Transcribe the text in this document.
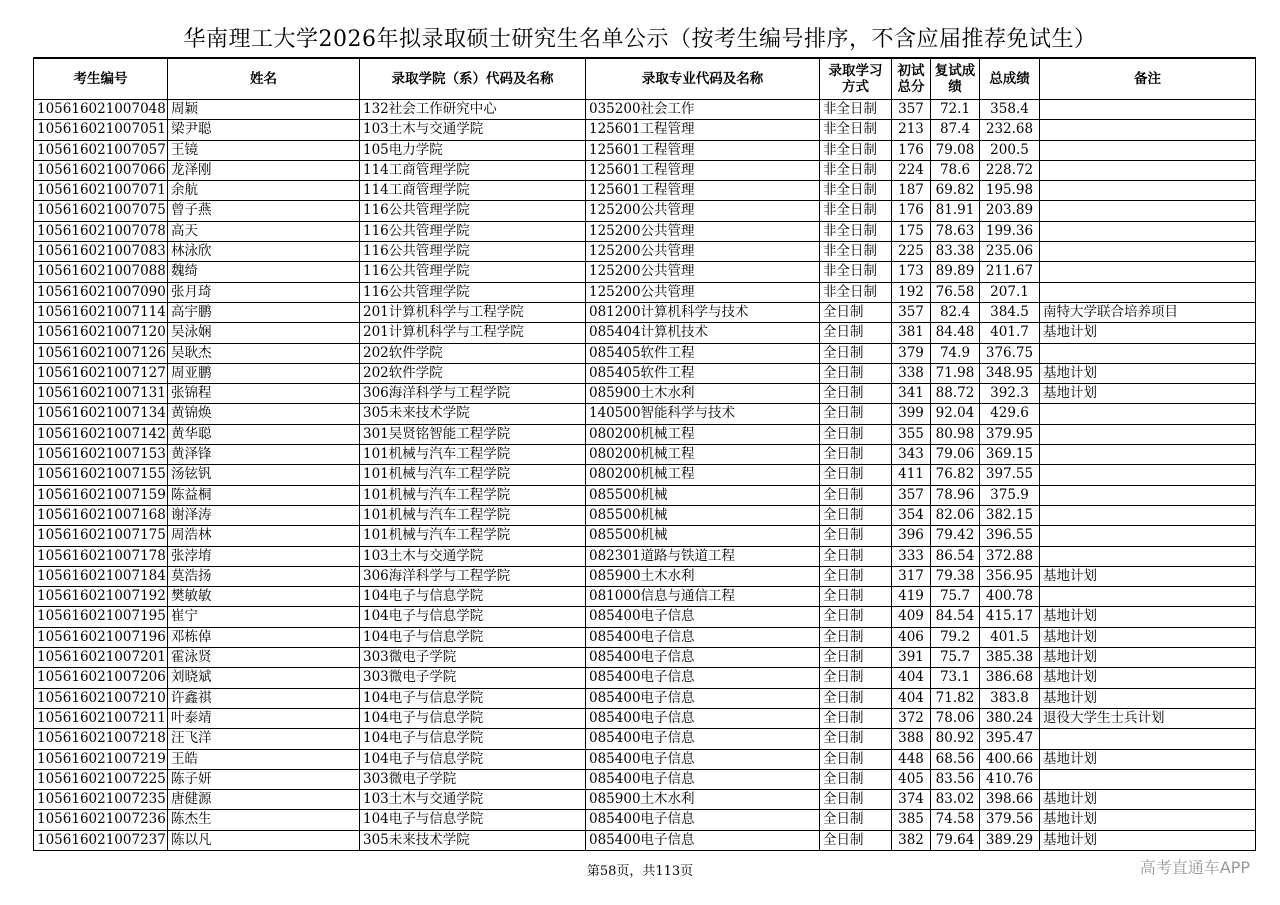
华南理工大学2026年拟录取硕士研究生名单公示（按考生编号排序，不含应届推荐免试生）
考生编号	姓名	录取学院（系）代码及名称	录取专业代码及名称	录取学习方式	初试总分	复试成绩	总成绩	备注
105616021007048	周颖	132社会工作研究中心	035200社会工作	非全日制	357	72.1	358.4	
105616021007051	梁尹聪	103土木与交通学院	125601工程管理	非全日制	213	87.4	232.68	
105616021007057	王镜	105电力学院	125601工程管理	非全日制	176	79.08	200.5	
105616021007066	龙泽刚	114工商管理学院	125601工程管理	非全日制	224	78.6	228.72	
105616021007071	余航	114工商管理学院	125601工程管理	非全日制	187	69.82	195.98	
105616021007075	曾子燕	116公共管理学院	125200公共管理	非全日制	176	81.91	203.89	
105616021007078	高天	116公共管理学院	125200公共管理	非全日制	175	78.63	199.36	
105616021007083	林泳欣	116公共管理学院	125200公共管理	非全日制	225	83.38	235.06	
105616021007088	魏绮	116公共管理学院	125200公共管理	非全日制	173	89.89	211.67	
105616021007090	张月琦	116公共管理学院	125200公共管理	非全日制	192	76.58	207.1	
105616021007114	高宇鹏	201计算机科学与工程学院	081200计算机科学与技术	全日制	357	82.4	384.5	南特大学联合培养项目
105616021007120	吴泳娴	201计算机科学与工程学院	085404计算机技术	全日制	381	84.48	401.7	基地计划
105616021007126	吴耿杰	202软件学院	085405软件工程	全日制	379	74.9	376.75	
105616021007127	周亚鹏	202软件学院	085405软件工程	全日制	338	71.98	348.95	基地计划
105616021007131	张锦程	306海洋科学与工程学院	085900土木水利	全日制	341	88.72	392.3	基地计划
105616021007134	黄锦焕	305未来技术学院	140500智能科学与技术	全日制	399	92.04	429.6	
105616021007142	黄华聪	301吴贤铭智能工程学院	080200机械工程	全日制	355	80.98	379.95	
105616021007153	黄泽锋	101机械与汽车工程学院	080200机械工程	全日制	343	79.06	369.15	
105616021007155	汤铉钒	101机械与汽车工程学院	080200机械工程	全日制	411	76.82	397.55	
105616021007159	陈益桐	101机械与汽车工程学院	085500机械	全日制	357	78.96	375.9	
105616021007168	谢泽涛	101机械与汽车工程学院	085500机械	全日制	354	82.06	382.15	
105616021007175	周浩林	101机械与汽车工程学院	085500机械	全日制	396	79.42	396.55	
105616021007178	张浡堉	103土木与交通学院	082301道路与铁道工程	全日制	333	86.54	372.88	
105616021007184	莫浩扬	306海洋科学与工程学院	085900土木水利	全日制	317	79.38	356.95	基地计划
105616021007192	樊敏敏	104电子与信息学院	081000信息与通信工程	全日制	419	75.7	400.78	
105616021007195	崔宁	104电子与信息学院	085400电子信息	全日制	409	84.54	415.17	基地计划
105616021007196	邓栋倬	104电子与信息学院	085400电子信息	全日制	406	79.2	401.5	基地计划
105616021007201	霍泳贤	303微电子学院	085400电子信息	全日制	391	75.7	385.38	基地计划
105616021007206	刘晓斌	303微电子学院	085400电子信息	全日制	404	73.1	386.68	基地计划
105616021007210	许鑫祺	104电子与信息学院	085400电子信息	全日制	404	71.82	383.8	基地计划
105616021007211	叶泰靖	104电子与信息学院	085400电子信息	全日制	372	78.06	380.24	退役大学生士兵计划
105616021007218	汪飞洋	104电子与信息学院	085400电子信息	全日制	388	80.92	395.47	
105616021007219	王皓	104电子与信息学院	085400电子信息	全日制	448	68.56	400.66	基地计划
105616021007225	陈子妍	303微电子学院	085400电子信息	全日制	405	83.56	410.76	
105616021007235	唐健源	103土木与交通学院	085900土木水利	全日制	374	83.02	398.66	基地计划
105616021007236	陈杰生	104电子与信息学院	085400电子信息	全日制	385	74.58	379.56	基地计划
105616021007237	陈以凡	305未来技术学院	085400电子信息	全日制	382	79.64	389.29	基地计划
第58页，共113页	高考直通车APP
